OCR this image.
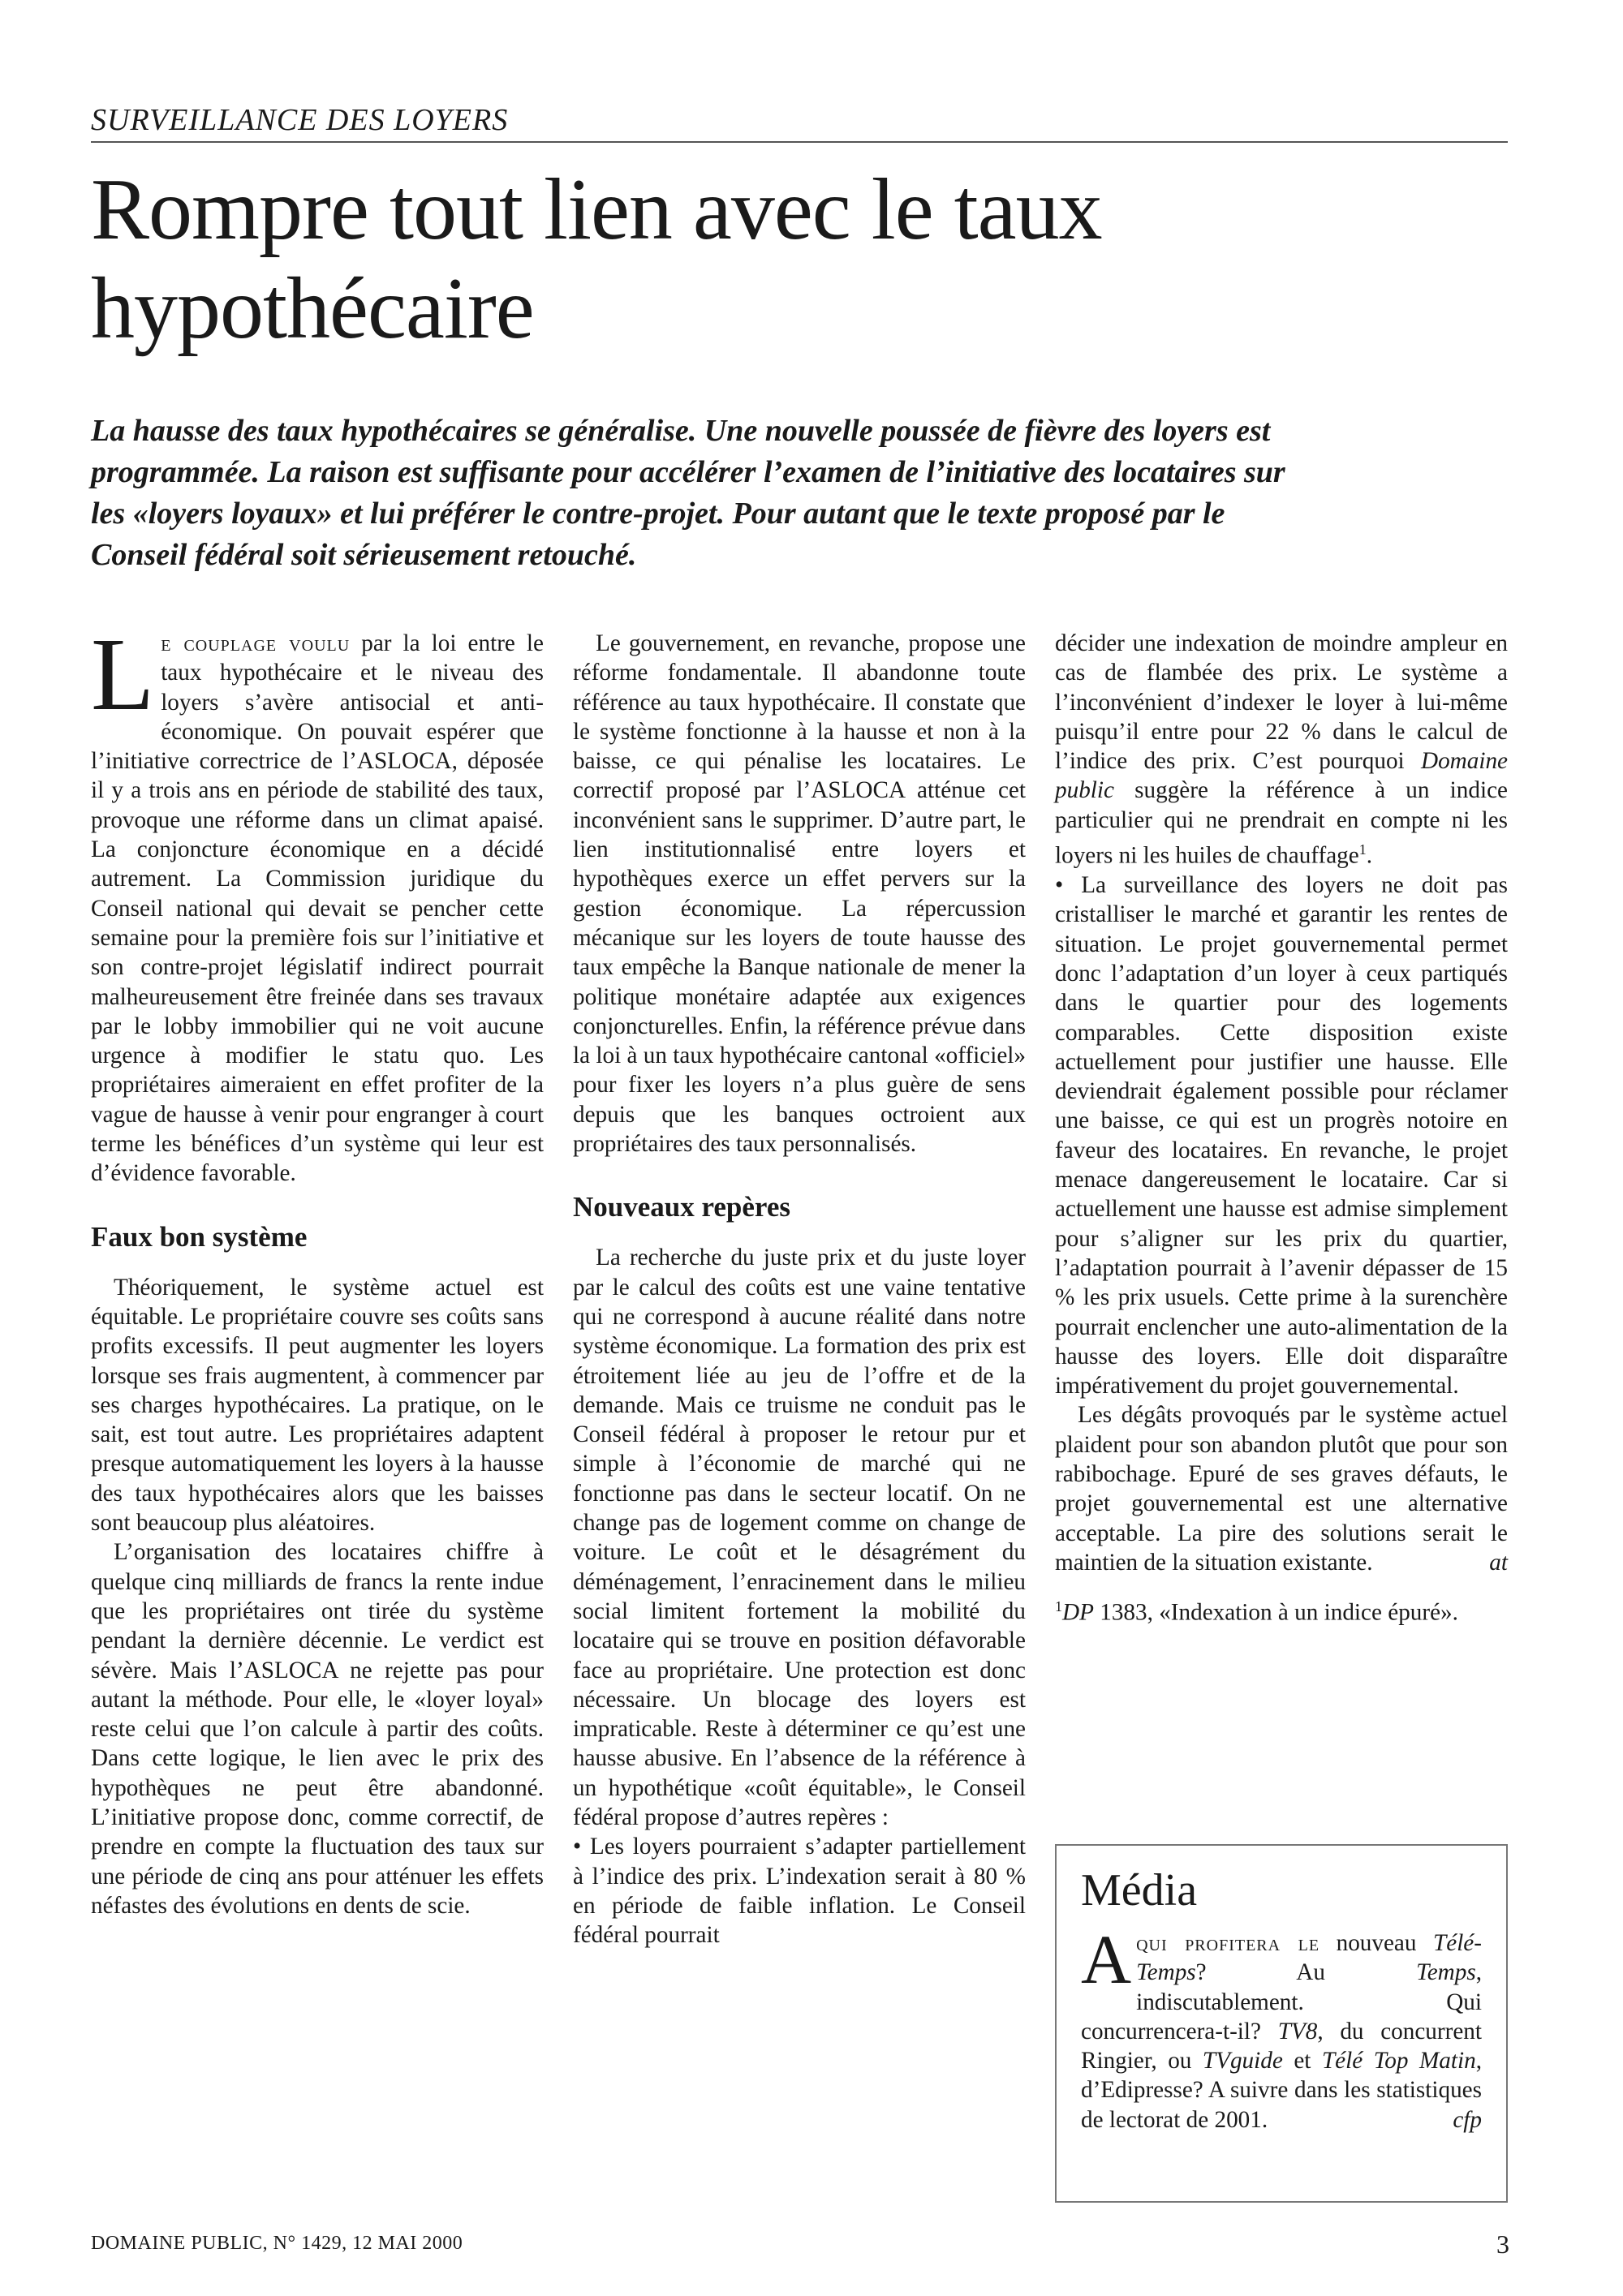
SURVEILLANCE DES LOYERS
Rompre tout lien avec le taux hypothécaire

La hausse des taux hypothécaires se généralise. Une nouvelle poussée de fièvre des loyers est programmée. La raison est suffisante pour accélérer l’examen de l’initiative des locataires sur les «loyers loyaux» et lui préférer le contre-projet. Pour autant que le texte proposé par le Conseil fédéral soit sérieusement retouché.

Le couplage voulu par la loi entre le taux hypothécaire et le niveau des loyers s’avère antisocial et anti-économique. On pouvait espérer que l’initiative correctrice de l’ASLOCA, déposée il y a trois ans en période de stabilité des taux, provoque une réforme dans un climat apaisé. La conjoncture économique en a décidé autrement. La Commission juridique du Conseil national qui devait se pencher cette semaine pour la première fois sur l’initiative et son contre-projet législatif indirect pourrait malheureusement être freinée dans ses travaux par le lobby immobilier qui ne voit aucune urgence à modifier le statu quo. Les propriétaires aimeraient en effet profiter de la vague de hausse à venir pour engranger à court terme les bénéfices d’un système qui leur est d’évidence favorable.

Faux bon système

Théoriquement, le système actuel est équitable. Le propriétaire couvre ses coûts sans profits excessifs. Il peut augmenter les loyers lorsque ses frais augmentent, à commencer par ses charges hypothécaires. La pratique, on le sait, est tout autre. Les propriétaires adaptent presque automatiquement les loyers à la hausse des taux hypothécaires alors que les baisses sont beaucoup plus aléatoires.

L’organisation des locataires chiffre à quelque cinq milliards de francs la rente indue que les propriétaires ont tirée du système pendant la dernière décennie. Le verdict est sévère. Mais l’ASLOCA ne rejette pas pour autant la méthode. Pour elle, le «loyer loyal» reste celui que l’on calcule à partir des coûts. Dans cette logique, le lien avec le prix des hypothèques ne peut être abandonné. L’initiative propose donc, comme correctif, de prendre en compte la fluctuation des taux sur une période de cinq ans pour atténuer les effets néfastes des évolutions en dents de scie.

Le gouvernement, en revanche, propose une réforme fondamentale. Il abandonne toute référence au taux hypothécaire. Il constate que le système fonctionne à la hausse et non à la baisse, ce qui pénalise les locataires. Le correctif proposé par l’ASLOCA atténue cet inconvénient sans le supprimer. D’autre part, le lien institutionnalisé entre loyers et hypothèques exerce un effet pervers sur la gestion économique. La répercussion mécanique sur les loyers de toute hausse des taux empêche la Banque nationale de mener la politique monétaire adaptée aux exigences conjoncturelles. Enfin, la référence prévue dans la loi à un taux hypothécaire cantonal «officiel» pour fixer les loyers n’a plus guère de sens depuis que les banques octroient aux propriétaires des taux personnalisés.

Nouveaux repères

La recherche du juste prix et du juste loyer par le calcul des coûts est une vaine tentative qui ne correspond à aucune réalité dans notre système économique. La formation des prix est étroitement liée au jeu de l’offre et de la demande. Mais ce truisme ne conduit pas le Conseil fédéral à proposer le retour pur et simple à l’économie de marché qui ne fonctionne pas dans le secteur locatif. On ne change pas de logement comme on change de voiture. Le coût et le désagrément du déménagement, l’enracinement dans le milieu social limitent fortement la mobilité du locataire qui se trouve en position défavorable face au propriétaire. Une protection est donc nécessaire. Un blocage des loyers est impraticable. Reste à déterminer ce qu’est une hausse abusive. En l’absence de la référence à un hypothétique «coût équitable», le Conseil fédéral propose d’autres repères :

• Les loyers pourraient s’adapter partiellement à l’indice des prix. L’indexation serait à 80 % en période de faible inflation. Le Conseil fédéral pourrait

décider une indexation de moindre ampleur en cas de flambée des prix. Le système a l’inconvénient d’indexer le loyer à lui-même puisqu’il entre pour 22 % dans le calcul de l’indice des prix. C’est pourquoi Domaine public suggère la référence à un indice particulier qui ne prendrait en compte ni les loyers ni les huiles de chauffage$^1$.

• La surveillance des loyers ne doit pas cristalliser le marché et garantir les rentes de situation. Le projet gouvernemental permet donc l’adaptation d’un loyer à ceux partiqués dans le quartier pour des logements comparables. Cette disposition existe actuellement pour justifier une hausse. Elle deviendrait également possible pour réclamer une baisse, ce qui est un progrès notoire en faveur des locataires. En revanche, le projet menace dangereusement le locataire. Car si actuellement une hausse est admise simplement pour s’aligner sur les prix du quartier, l’adaptation pourrait à l’avenir dépasser de 15 % les prix usuels. Cette prime à la surenchère pourrait enclencher une auto-alimentation de la hausse des loyers. Elle doit disparaître impérativement du projet gouvernemental.

Les dégâts provoqués par le système actuel plaident pour son abandon plutôt que pour son rabibochage. Epuré de ses graves défauts, le projet gouvernemental est une alternative acceptable. La pire des solutions serait le maintien de la situation existante.	at

$^1$DP 1383, «Indexation à un indice épuré».

Média

Aqui profitera le nouveau Télé-Temps? Au Temps, indiscutablement. Qui concurrencera-t-il? TV8, du concurrent Ringier, ou TVguide et Télé Top Matin, d’Edipresse? A suivre dans les statistiques de lectorat de 2001.	cfp

DOMAINE PUBLIC, N° 1429, 12 MAI 2000	3
